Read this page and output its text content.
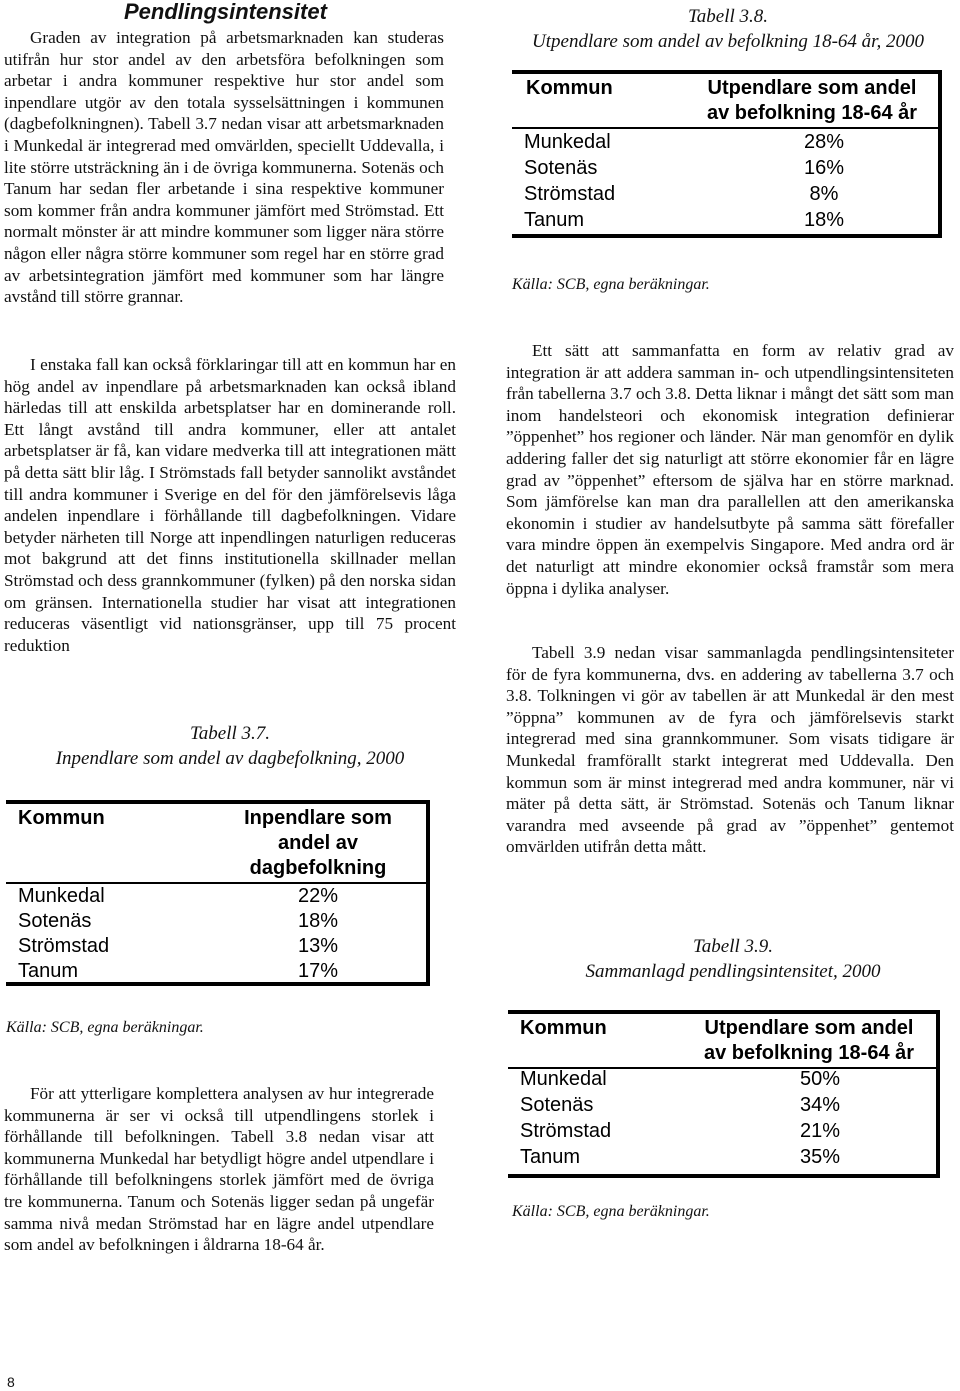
Pendlingsintensitet

Graden av integration på arbetsmarknaden kan studeras utifrån hur stor andel av den arbetsföra befolkningen som arbetar i andra kommuner respektive hur stor andel som inpendlare utgör av den totala sysselsättningen i kommunen (dagbefolkningnen). Tabell 3.7 nedan visar att arbetsmarknaden i Munkedal är integrerad med omvärlden, speciellt Uddevalla, i lite större utsträckning än i de övriga kommunerna. Sotenäs och Tanum har sedan fler arbetande i sina respektive kommuner som kommer från andra kommuner jämfört med Strömstad. Ett normalt mönster är att mindre kommuner som ligger nära större någon eller några större kommuner som regel har en större grad av arbetsintegration jämfört med kommuner som har längre avstånd till större grannar.

I enstaka fall kan också förklaringar till att en kommun har en hög andel av inpendlare på arbetsmarknaden kan också ibland härledas till att enskilda arbetsplatser har en dominerande roll. Ett långt avstånd till andra kommuner, eller att antalet arbetsplatser är få, kan vidare medverka till att integrationen mätt på detta sätt blir låg. I Strömstads fall betyder sannolikt avståndet till andra kommuner i Sverige en del för den jämförelsevis låga andelen inpendlare i förhållande till dagbefolkningen. Vidare betyder närheten till Norge att inpendlingen naturligen reduceras mot bakgrund att det finns institutionella skillnader mellan Strömstad och dess grannkommuner (fylken) på den norska sidan om gränsen. Internationella studier har visat att integrationen reduceras väsentligt vid nationsgränser, upp till 75 procent reduktion

Tabell 3.7.
Inpendlare som andel av dagbefolkning, 2000
Kommun	Inpendlare som
andel av
dagbefolkning
Munkedal	22%
Sotenäs	18%
Strömstad	13%
Tanum	17%
Källa: SCB, egna beräkningar.

För att ytterligare komplettera analysen av hur integrerade kommunerna är ser vi också till utpendlingens storlek i förhållande till befolkningen. Tabell 3.8 nedan visar att kommunerna Munkedal har betydligt högre andel utpendlare i förhållande till befolkningens storlek jämfört med de övriga tre kommunerna. Tanum och Sotenäs ligger sedan på ungefär samma nivå medan Strömstad har en lägre andel utpendlare som andel av befolkningen i åldrarna 18-64 år.

8
Tabell 3.8.
Utpendlare som andel av befolkning 18-64 år, 2000
Kommun	Utpendlare som andel
av befolkning 18-64 år
Munkedal	28%
Sotenäs	16%
Strömstad	8%
Tanum	18%
Källa: SCB, egna beräkningar.

Ett sätt att sammanfatta en form av relativ grad av integration är att addera samman in- och utpendlingsintensiteten från tabellerna 3.7 och 3.8. Detta liknar i mångt det sätt som man inom handelsteori och ekonomisk integration definierar ”öppenhet” hos regioner och länder. När man genomför en dylik addering faller det sig naturligt att större ekonomier får en lägre grad av ”öppenhet” eftersom de själva har en större marknad. Som jämförelse kan man dra parallellen att den amerikanska ekonomin i studier av handelsutbyte på samma sätt förefaller vara mindre öppen än exempelvis Singapore. Med andra ord är det naturligt att mindre ekonomier också framstår som mera öppna i dylika analyser.

Tabell 3.9 nedan visar sammanlagda pendlingsintensiteter för de fyra kommunerna, dvs. en addering av tabellerna 3.7 och 3.8. Tolkningen vi gör av tabellen är att Munkedal är den mest ”öppna” kommunen av de fyra och jämförelsevis starkt integrerad med sina grannkommuner. Som visats tidigare är Munkedal framförallt starkt integrerat med Uddevalla. Den kommun som är minst integrerad med andra kommuner, när vi mäter på detta sätt, är Strömstad. Sotenäs och Tanum liknar varandra med avseende på grad av ”öppenhet” gentemot omvärlden utifrån detta mått.

Tabell 3.9.
Sammanlagd pendlingsintensitet, 2000
Kommun	Utpendlare som andel
av befolkning 18-64 år
Munkedal	50%
Sotenäs	34%
Strömstad	21%
Tanum	35%
Källa: SCB, egna beräkningar.
